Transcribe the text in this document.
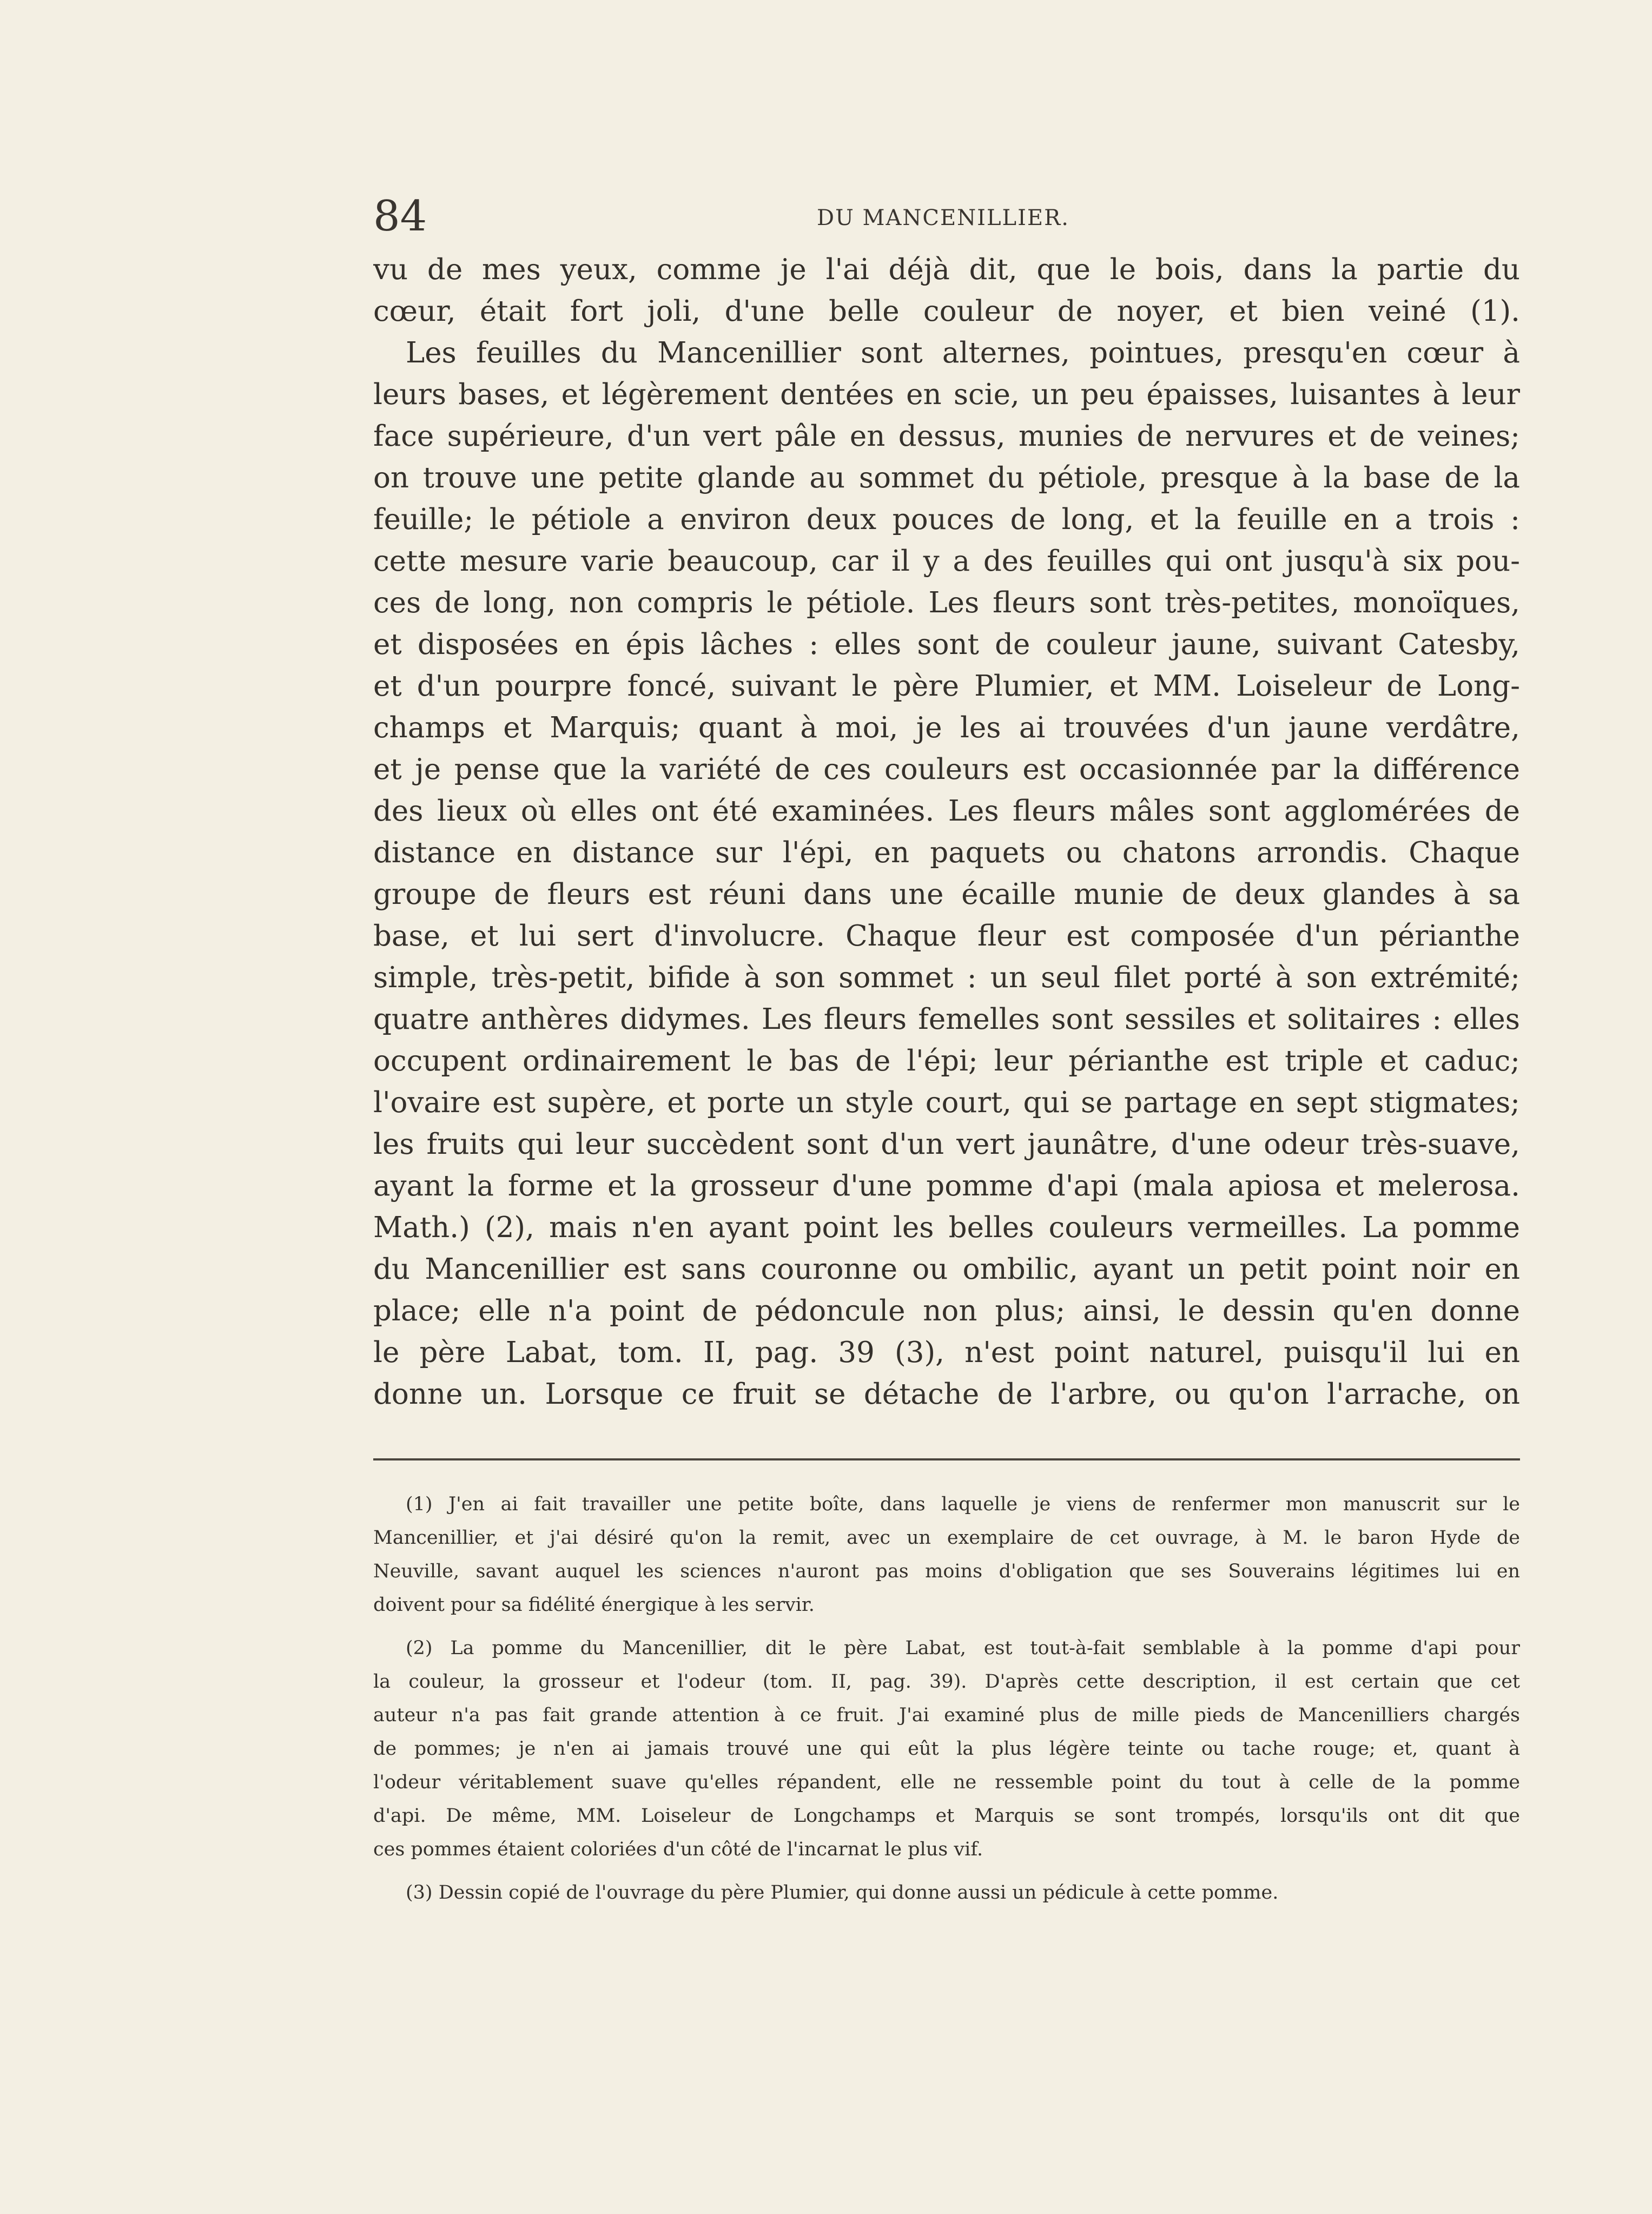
84	DU MANCENILLIER.
vu de mes yeux, comme je l'ai déjà dit, que le bois, dans la partie du
cœur, était fort joli, d'une belle couleur de noyer, et bien veiné (1).
Les feuilles du Mancenillier sont alternes, pointues, presqu'en cœur à
leurs bases, et légèrement dentées en scie, un peu épaisses, luisantes à leur
face supérieure, d'un vert pâle en dessus, munies de nervures et de veines;
on trouve une petite glande au sommet du pétiole, presque à la base de la
feuille; le pétiole a environ deux pouces de long, et la feuille en a trois :
cette mesure varie beaucoup, car il y a des feuilles qui ont jusqu'à six pou-
ces de long, non compris le pétiole. Les fleurs sont très-petites, monoïques,
et disposées en épis lâches : elles sont de couleur jaune, suivant Catesby,
et d'un pourpre foncé, suivant le père Plumier, et MM. Loiseleur de Long-
champs et Marquis; quant à moi, je les ai trouvées d'un jaune verdâtre,
et je pense que la variété de ces couleurs est occasionnée par la différence
des lieux où elles ont été examinées. Les fleurs mâles sont agglomérées de
distance en distance sur l'épi, en paquets ou chatons arrondis. Chaque
groupe de fleurs est réuni dans une écaille munie de deux glandes à sa
base, et lui sert d'involucre. Chaque fleur est composée d'un périanthe
simple, très-petit, bifide à son sommet : un seul filet porté à son extrémité;
quatre anthères didymes. Les fleurs femelles sont sessiles et solitaires : elles
occupent ordinairement le bas de l'épi; leur périanthe est triple et caduc;
l'ovaire est supère, et porte un style court, qui se partage en sept stigmates;
les fruits qui leur succèdent sont d'un vert jaunâtre, d'une odeur très-suave,
ayant la forme et la grosseur d'une pomme d'api (mala apiosa et melerosa.
Math.) (2), mais n'en ayant point les belles couleurs vermeilles. La pomme
du Mancenillier est sans couronne ou ombilic, ayant un petit point noir en
place; elle n'a point de pédoncule non plus; ainsi, le dessin qu'en donne
le père Labat, tom. II, pag. 39 (3), n'est point naturel, puisqu'il lui en
donne un. Lorsque ce fruit se détache de l'arbre, ou qu'on l'arrache, on
(1) J'en ai fait travailler une petite boîte, dans laquelle je viens de renfermer mon manuscrit sur le
Mancenillier, et j'ai désiré qu'on la remit, avec un exemplaire de cet ouvrage, à M. le baron Hyde de
Neuville, savant auquel les sciences n'auront pas moins d'obligation que ses Souverains légitimes lui en
doivent pour sa fidélité énergique à les servir.
(2) La pomme du Mancenillier, dit le père Labat, est tout-à-fait semblable à la pomme d'api pour
la couleur, la grosseur et l'odeur (tom. II, pag. 39). D'après cette description, il est certain que cet
auteur n'a pas fait grande attention à ce fruit. J'ai examiné plus de mille pieds de Mancenilliers chargés
de pommes; je n'en ai jamais trouvé une qui eût la plus légère teinte ou tache rouge; et, quant à
l'odeur véritablement suave qu'elles répandent, elle ne ressemble point du tout à celle de la pomme
d'api. De même, MM. Loiseleur de Longchamps et Marquis se sont trompés, lorsqu'ils ont dit que
ces pommes étaient coloriées d'un côté de l'incarnat le plus vif.
(3) Dessin copié de l'ouvrage du père Plumier, qui donne aussi un pédicule à cette pomme.
